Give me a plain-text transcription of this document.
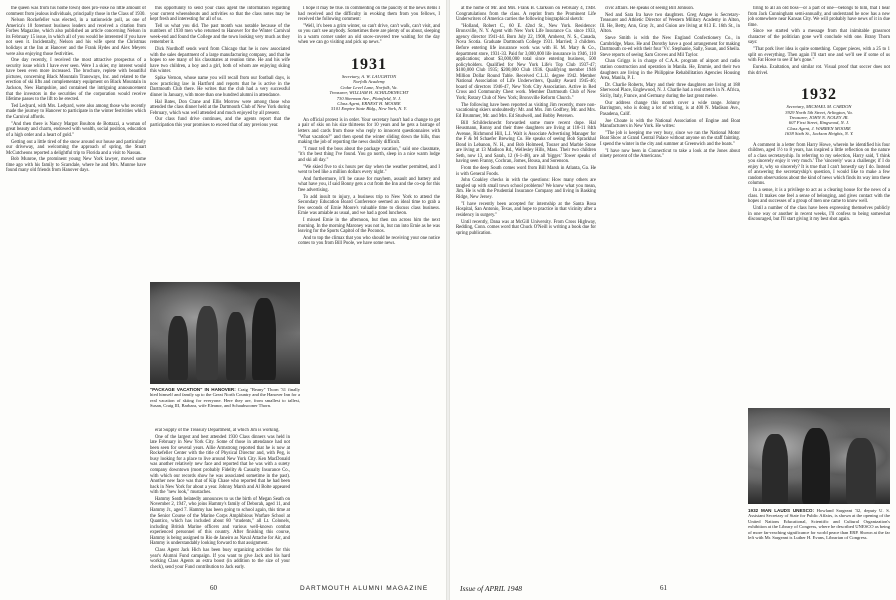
the queen was from his home town) does pro-voke no little amount of comment from jealous individuals, principally those in the Class of 1930.

Nelson Rockefeller was elected, in a nationwide poll, as one of America's 10 foremost business leaders and received a citation from Forbes Magazine, which also published an article concerning Nelson in its February 15 issue, in which all of you would be interested if you have not seen it. Incidentally, Nelson and his wife spent the Christmas holidays at the Inn at Hanover and the Frank Hydes and Alex Meyers were also enjoying those festivities.

One day recently, I received the most attractive prospectus of a security issue which I have ever seen. Were I a skier, my interest would have been even more increased. The brochure, replete with beautiful pictures, concerning Black Mountain Transways, Inc. and related to the erection of ski lifts and complementary equipment on Black Mountain in Jackson, New Hampshire, and contained the intriguing announcement that the investors in the securities of the corporation would receive lifetime passes to the lift to be erected.

Ted Ledyard, with Mrs. Ledyard, were also among those who recently made the journey to Hanover to participate in the winter festivities which the Carnival affords.

"And then there is Nancy Margot Boulton de Bottazzi, a woman of great beauty and charm, endowed with wealth, social position, education of a high order and a heart of gold."

Getting out a little tired of the snow around our house and particularly our driveway, and welcoming the approach of spring, the Stuart McCutcheons reported a delightful trip to Florida and a visit to Nassau.

Bob Munroe, the prominent young New York lawyer, moved some time ago with his family to Scarsdale, where he and Mrs. Munroe have found many old friends from Hanover days.

this opportunity to send your class agent the information regarding your current whereabouts and activities so that the class notes may be kept fresh and interesting for all of us.

Tell us what you did. The past month was notable because of the numbers of 1930 men who returned to Hanover for the Winter Carnival week-end and found the College and the town looking very much as they remember it.

Dick Nordhoff sends word from Chicago that he is now associated with the sales department of a large manufacturing company, and that he hopes to see many of his classmates at reunion time. He and his wife have two children, a boy and a girl, both of whom are enjoying skiing this winter.

Spike Vernon, whose name you will recall from our football days, is now practicing law in Hartford and reports that he is active in the Dartmouth Club there. He writes that the club had a very successful dinner in January, with more than one hundred alumni in attendance.

Hal Bates, Don Crane and Ellis Morrow were among those who attended the class dinner held at the Dartmouth Club of New York during February, which was well attended and much enjoyed by all present.

Our class fund drive continues, and the agents report that the participation this year promises to exceed that of any previous year.

"PACKAGE VACATION" IN HANOVER: Craig "Beany" Thorn '31 finally hied himself and family up to the Great North Country and the Hanover Inn for a real vacation of skiing for everyone. Here they are, from smallest to tallest, Susan, Craig III, Barbara, wife Eleanor, and Schaubsooner Thorn.

eral Supply of the Treasury Department, at which Jim is working.

One of the largest and best attended 1930 Class dinners was held in late February in New York City. Some of those in attendance had not been seen for several years. Allie Armstrong reported that he is now at Rockefeller Center with the title of Physical Director and, with Peg, is busy looking for a place to live around New York City. Ken MacDonald was another relatively new face and reported that he was with a surety company downtown (most probably Fidelity & Casualty Insurance Co., with which our records show he was associated sometime in the past). Another new face was that of Kip Chase who reported that he had been back in New York for about a year. Johnny Marsh and Al Bolte appeared with the "new look," mustaches.

Hammy Seath belatedly announces to us the birth of Megan Seath on November 2, 1947, who joins Hammy's family of Deborah, aged 11, and Hammy Jr., aged 7. Hammy has been going to school again, this time at the Senior Course of the Marine Corps Amphibious Warfare School at Quantico, which has included about 80 "students," all Lt. Colonels, including British Marine officers and various well-known combat experienced personnel of this country. After finishing this course, Hammy is being assigned to Rio de Janeiro as Naval Attache for Air, and Hammy is understandably looking forward to that assignment.

Class Agent Jack Hich has been busy organizing activities for this year's Alumni Fund campaign. If you want to give Jack and his hard working Class Agents an extra boost (in addition to the size of your check), send your Fund contribution to Jack early.

I hope it may be true. In commenting on the paucity of the news items I had received and the difficulty in evoking them from you fellows, I received the following comment:

"Well, it's been a grim winter, so can't drive, can't walk, can't visit, and so you can't see anybody. Sometimes there are plenty of us about, sleeping in a warm corner under an old snow-covered tree waiting for the day when we can go visiting and pick up news."

1931
Secretary, A. W. LAUGHTON
Norfolk Academy
Cedar Level Lane, Norfolk, Va.
Treasurer, WILLIAM H. SCHILDKNECHT
730 Sherman Ave., Plainfield, N. J.
Class Agent, ERNEST H. MOORE
5101 Empire State Bldg., New York, N. Y.

An official protest is in order. Your secretary hasn't had a change to get a pair of skis on his size thirteens for 10 years and he gets a barrage of letters and cards from those who reply to innocent questionnaires with "What vacation?" and then spend the winter sliding down the hills, thus making the job of reporting the news doubly difficult.

"I must tell the boss about the package vacation," said one classmate, "it's the best thing I've found. You go north, sleep in a nice warm lodge and ski all day."

"We skied five to six hours per day when the weather permitted, and I went to bed like a million dollars every night."

And furthermore, it'll be cause for mayhem, assault and battery and what have you, if said Bonny gets a cut from the Inn and the co-op for this free advertising.

To add insult to injury, a business trip to New York to attend the Secondary Education Board Conference seemed an ideal time to grab a few seconds of Ernie Moore's valuable time to discuss class business. Ernie was amiable as usual, and we had a good luncheon.

I missed Ernie in the afternoon, but then ran across him the next morning. In the morning Maroney was not in, but ran into Ernie as he was leaving for the Sports Capitol of the Poconos.

And to top the climax that you who should be receiving your one notice comes to you from Bill Poole, we have some news.

60	DARTMOUTH ALUMNI MAGAZINE

at the home of Mr. and Mrs. Frank B. Clarkson on February 4, 1948. Congratulations from the class. A reprint from the Prominent Life Underwriters of America carries the following biographical sketch:

"Holland, Robert C., 60 E. 42nd St., New York. Residence: Bronxville, N. Y. Agent with New York Life Insurance Co. since 1933, agency director 1941-44. Born July 22, 1908, Amherst, N. S., Canada, Nova Scotia. Graduate Dartmouth College 1931. Married; 3 children. Before entering life insurance work was with H. M. Mary & Co., department store, 1931-33. Paid for 3,000,000 life insurance in 1946, 110 applications; about $3,000,000 total since entering business, 500 policyholders. Qualified for New York Life's Top Club 1937-47; $100,000 Club 1935; $200,000 Club 1936. Qualifying member 1946 Million Dollar Round Table. Received C.L.U. degree 1942. Member National Association of Life Underwriters, Quality Award 1945-46; board of directors 1946-47, New York City Association. Active in Red Cross and Community Chest work. Member Dartmouth Club of New York; Rotary Club of New York; Bronxville Reform Church."

The following have been reported as visiting Jim recently, more non-vacationing skiers undoubtedly: Mr. and Mrs. Jim Godfrey, Mr. and Mrs. Ed Brummer, Mr. and Mrs. Ed Studwell, and Bobby Petersen.

Bill Schildecknecht forwarded some more recent dope. Hal Heusmann, Ronny and their three daughters are living at 118-11 84th Avenue, Richmond Hill, L.I. Walt is Associate Advertising Manager for the F & M Schaefer Brewing Co. He speaks of seeing Bob Sprackhal Bond in Lebanon, N. H., and Bob Holmeed, Toozer and Marble Stone are living at 13 Madison Rd., Wellesley Hills, Mass. Their two children Seth, now 13, and Sarah, 12 (6-1-48), are all 'bigger.' Tower speaks of having seen Franny, Cochran, Jomes, Bousa, and Sorenson.

From the deep South comes word from Bill Marsh in Atlanta, Ga. He is with General Foods.

John Coakley checks in with the questions: How many others are tangled up with small town school problems? We know what you mean, Jim. He is with the Prudential Insurance Company and living in Basking Ridge, New Jersey.

"I have recently been accepted for internship at the Santa Rosa Hospital, San Antonio, Texas, and hope to practice in that vicinity after a residency in surgery."

Until recently, Dana was at McGill University. From Cross Highway, Redding, Conn. comes word that Chuck O'Neill is writing a book due for spring publication.

civic affairs. He speaks of seeing Bill Johnson.

Ned and Sara Ira have two daughters. Greg Atagee is Secretary-Treasurer and Athletic Director of Western Military Academy in Alton, Ill. He, Betty, Ann, Gray Jr., and Guion are living at 813 E. 16th St., in Alton.

Steve Smith is with the New England Confectionery Co., in Cambridge, Mass. He and Dorothy have a good arrangement for making Dartmouth co-ed with their four 'Vs'. Stephanie, Sally, Susan, and Sheila. Steve reports of seeing Sam Groves and Mil Taylor.

Chan Griggs is in charge of C.A.A. program of airport and radio station construction and operation in Manila. He, Emmie, and their two daughters are living in the Philippine Rehabilitation Agencies Housing Area, Manila, P. I.

Dr. Charlie Roberts, Mary and their three daughters are living at 188 Sherwood Place, Englewood, N. J. Charlie had a real stretch in N. Africa, Sicily, Italy, France, and Germany during the last great melee.

Our address change this month cover a wide range. Johnny Barrington, who is doing a lot of writing, is at 400 N. Madison Ave., Pasadena, Calif.

Joe Choate is with the National Association of Engine and Boat Manufacturers in New York. He writes:

"The job is keeping me very busy, since we ran the National Motor Boat Show at Grand Central Palace without anyone on the staff fainting. I spend the winter in the city and summer at Greenwich and the boats."

"I have now been in Connecticut to take a look at the Jones about ninety percent of the Americans."

tiring to all an old boss—or a part of one—belongs to him, that I hear from Jack Cunningham semi-annually, and understand he now has a new job somewhere near Kansas City. We will probably have news of it in due time.

Since we started with a message from that inimitable grassroot character of the politician gone we'll conclude with one. Brany Thorn says:

"That pork liver idea is quite something. Copper pieces, with a 25 to 1 split on everything. Then again I'll start one and we'll see if some of us with Fat Howe to see if he's gone."

Eureka. Exaltation, and similar rot. Visual proof that soccer does not this drivel.

1932
Secretary, MICHAEL M. CARDON
3929 North 5th Street, Arlington, Va.
Treasurer, JOHN N. NOLEY JR.
607 First Street, Ringwood, N. J.
Class Agent, J. WARREN MOORE
1638 Sixth St., Jackson Heights, N. Y.

A comment in a letter from Harry Howe, wherein he identified his four children, aged 1½ to 8 years, has inspired a little reflection on the nature of a class secretaryship. In referring to my selection, Harry said, 'I think you sincerely enjoy it very much.' The 'sincerely' was a challenge; if I do enjoy it, why so sincerely? It is true that I can't honestly say I do. Instead of answering the secretaryship's question, I would like to make a few random observations about the kind of news which finds its way into these columns.

In a sense, it is a privilege to act as a clearing house for the news of a class. It makes one feel a sense of belonging, and gives contact with the hopes and successes of a group of men one came to know well.

Until a number of the class have been expressing themselves publicly in one way or another in recent weeks, I'll confess to being somewhat discouraged, but I'll start giving it my best shot again.

1932 MAN LAUDS UNESCO: Howland Sargeant '32, deputy U. S. Assistant Secretary of State for Public Affairs, is shown at the opening of the United Nations Educational, Scientific and Cultural Organization's exhibition at the Library of Congress, where he described UNESCO as being of more far-reaching significance for world peace than ERP. Shown at the far left with Mr. Sargeant is Luther H. Evans, Librarian of Congress.
Issue of APRIL 1948	61
